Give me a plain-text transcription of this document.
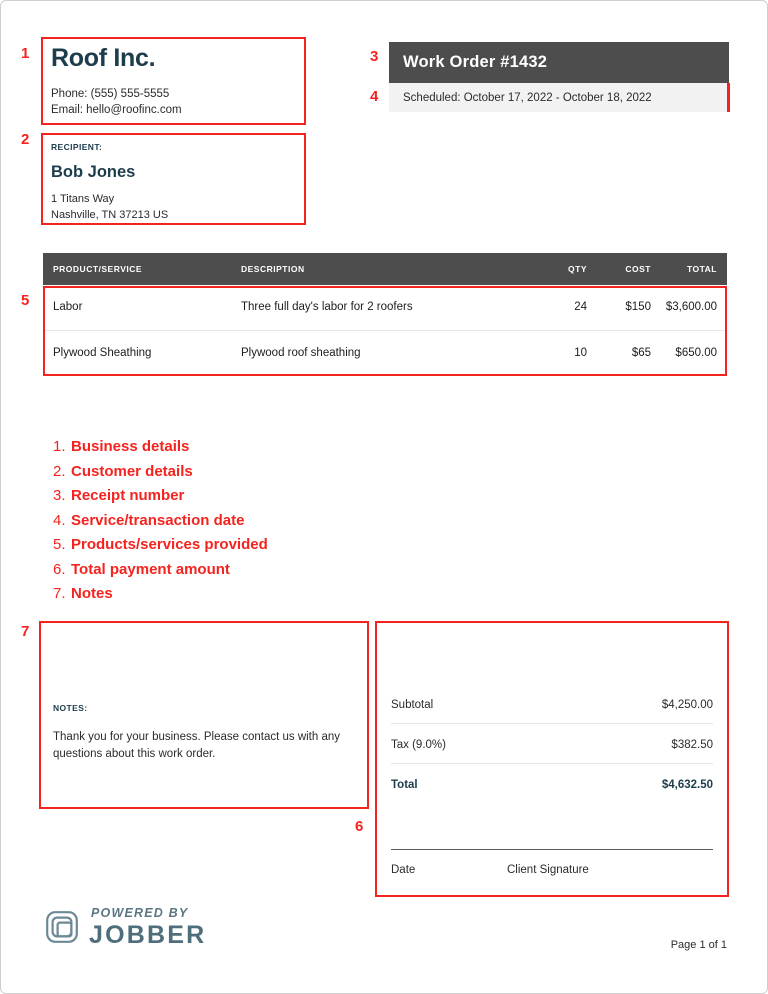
1 Roof Inc.
Phone: (555) 555-5555
Email: hello@roofinc.com
2	RECIPIENT:
Bob Jones
1 Titans Way
Nashville, TN 37213 US
3 Work Order #1432
4 Scheduled: October 17, 2022 - October 18, 2022
5
PRODUCT/SERVICE	DESCRIPTION	QTY	COST	TOTAL
Labor	Three full day's labor for 2 roofers	24	$150	$3,600.00
Plywood Sheathing	Plywood roof sheathing	10	$65	$650.00
1. Business details
2. Customer details
3. Receipt number
4. Service/transaction date
5. Products/services provided
6. Total payment amount
7. Notes
7
NOTES:
Thank you for your business. Please contact us with any questions about this work order.
6
Subtotal	$4,250.00
Tax (9.0%)	$382.50
Total	$4,632.50
Date	Client Signature
POWERED BY
JOBBER	Page 1 of 1
